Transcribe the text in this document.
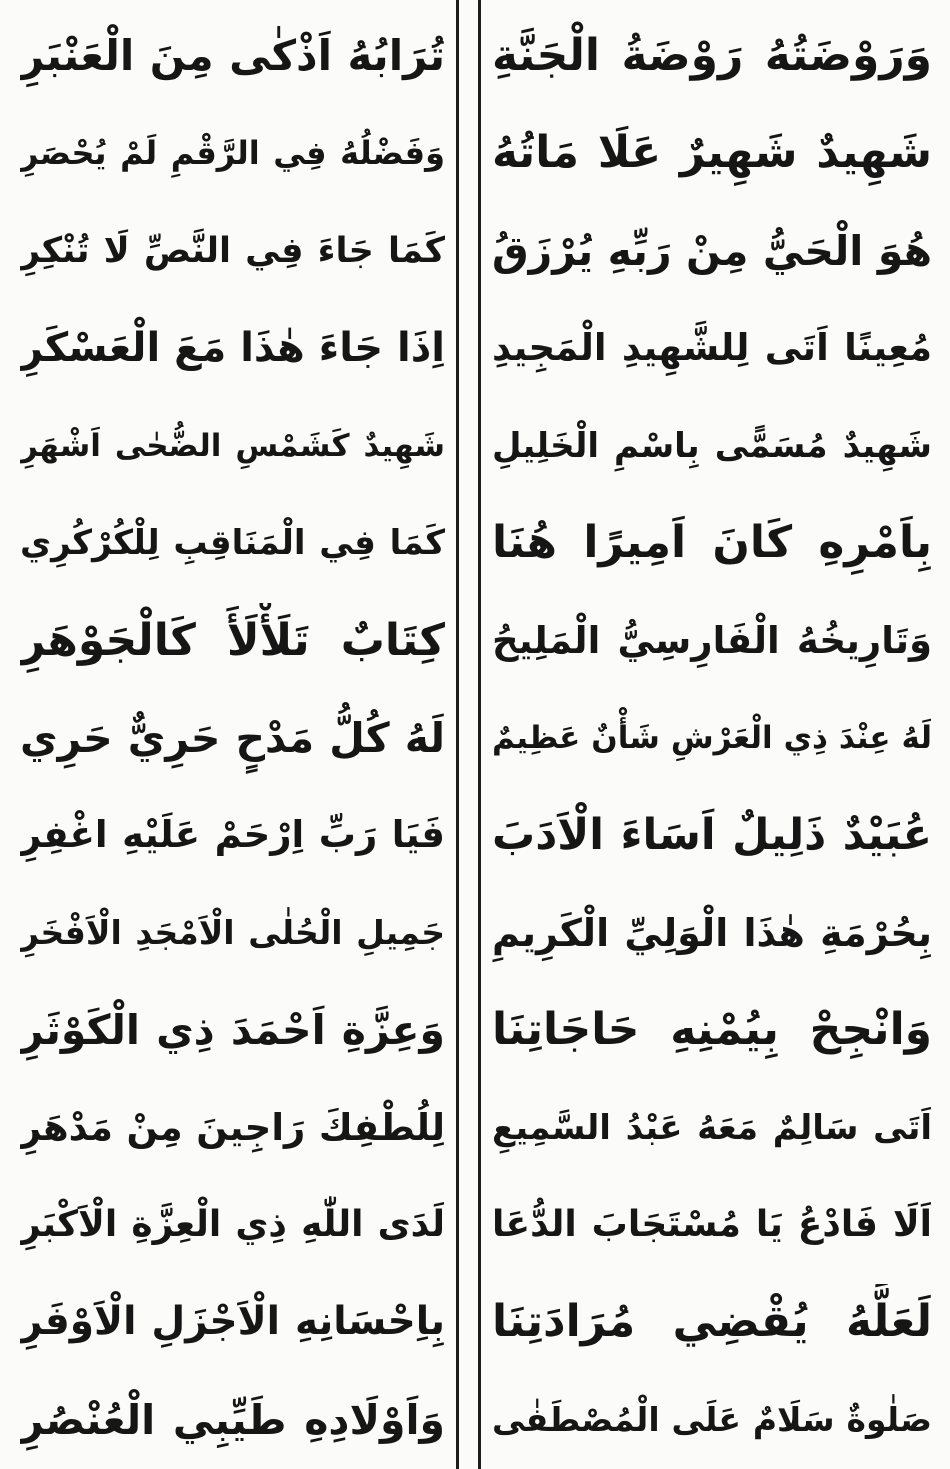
وَرَوْضَتُهُ رَوْضَةُ الْجَنَّةِ
شَهِيدٌ شَهِيرٌ عَلَا مَاتُهُ
هُوَ الْحَيُّ مِنْ رَبِّهِ يُرْزَقُ
مُعِينًا اَتَى لِلشَّهِيدِ الْمَجِيدِ
شَهِيدٌ مُسَمًّى بِاسْمِ الْخَلِيلِ
بِاَمْرِهِ كَانَ اَمِيرًا هُنَا
وَتَارِيخُهُ الْفَارِسِيُّ الْمَلِيحُ
لَهُ عِنْدَ ذِي الْعَرْشِ شَأْنٌ عَظِيمٌ
عُبَيْدٌ ذَلِيلٌ اَسَاءَ الْاَدَبَ
بِحُرْمَةِ هٰذَا الْوَلِيِّ الْكَرِيمِ
وَانْجِحْ بِيُمْنِهِ حَاجَاتِنَا
اَتَى سَالِمٌ مَعَهُ عَبْدُ السَّمِيعِ
اَلَا فَادْعُ يَا مُسْتَجَابَ الدُّعَا
لَعَلَّهُ يُقْضِي مُرَادَتِنَا
صَلٰوةٌ سَلَامٌ عَلَى الْمُصْطَفٰى
تُرَابُهُ اَذْكٰى مِنَ الْعَنْبَرِ
وَفَضْلُهُ فِي الرَّقْمِ لَمْ يُحْصَرِ
كَمَا جَاءَ فِي النَّصِّ لَا تُنْكِرِ
اِذَا جَاءَ هٰذَا مَعَ الْعَسْكَرِ
شَهِيدٌ كَشَمْسِ الضُّحٰى اَشْهَرِ
كَمَا فِي الْمَنَاقِبِ لِلْكُرْكُرِي
كِتَابٌ تَلَأْلَأَ كَالْجَوْهَرِ
لَهُ كُلُّ مَدْحٍ حَرِيٌّ حَرِي
فَيَا رَبِّ اِرْحَمْ عَلَيْهِ اغْفِرِ
جَمِيلِ الْحُلٰى الْاَمْجَدِ الْاَفْخَرِ
وَعِزَّةِ اَحْمَدَ ذِي الْكَوْثَرِ
لِلُطْفِكَ رَاجِينَ مِنْ مَدْهَرِ
لَدَى اللّٰهِ ذِي الْعِزَّةِ الْاَكْبَرِ
بِاِحْسَانِهِ الْاَجْزَلِ الْاَوْفَرِ
وَاَوْلَادِهِ طَيِّبِي الْعُنْصُرِ
